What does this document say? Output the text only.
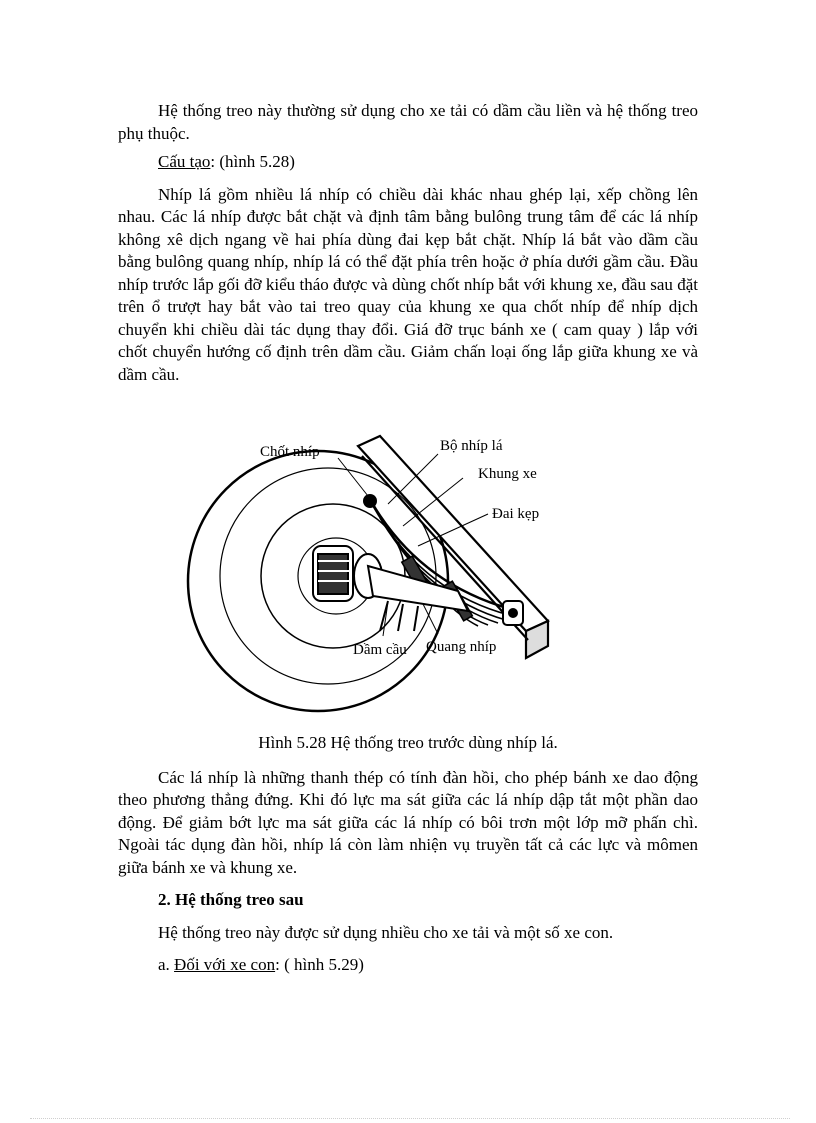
Hệ thống treo này thường sử dụng cho xe tải có dầm cầu liền và hệ thống treo phụ thuộc.

Cấu tạo: (hình 5.28)

Nhíp lá gồm nhiều lá nhíp có chiều dài khác nhau ghép lại, xếp chồng lên nhau. Các lá nhíp được bắt chặt và định tâm bằng bulông trung tâm để các lá nhíp không xê dịch ngang về hai phía dùng đai kẹp bắt chặt. Nhíp lá bắt vào dầm cầu bằng bulông quang nhíp, nhíp lá có thể đặt phía trên hoặc ở phía dưới gầm cầu. Đầu nhíp trước lắp gối đỡ kiểu tháo được và dùng chốt nhíp bắt với khung xe, đầu sau đặt trên ổ trượt hay bắt vào tai treo quay của khung xe qua chốt nhíp để nhíp dịch chuyển khi chiều dài tác dụng thay đổi. Giá đỡ trục bánh xe ( cam quay ) lắp với chốt chuyển hướng cố định trên dầm cầu. Giảm chấn loại ống lắp giữa khung xe và dầm cầu.

Chốt nhíp	Bộ nhíp lá
Khung xe
Đai kẹp
Dầm cầu Quang nhíp

Hình 5.28 Hệ thống treo trước dùng nhíp lá.

Các lá nhíp là những thanh thép có tính đàn hồi, cho phép bánh xe dao động theo phương thẳng đứng. Khi đó lực ma sát giữa các lá nhíp dập tắt một phần dao động. Để giảm bớt lực ma sát giữa các lá nhíp có bôi trơn một lớp mỡ phấn chì. Ngoài tác dụng đàn hồi, nhíp lá còn làm nhiện vụ truyền tất cả các lực và mômen giữa bánh xe và khung xe.

2. Hệ thống treo sau

Hệ thống treo này được sử dụng nhiều cho xe tải và một số xe con.

a. Đối với xe con: ( hình 5.29)
